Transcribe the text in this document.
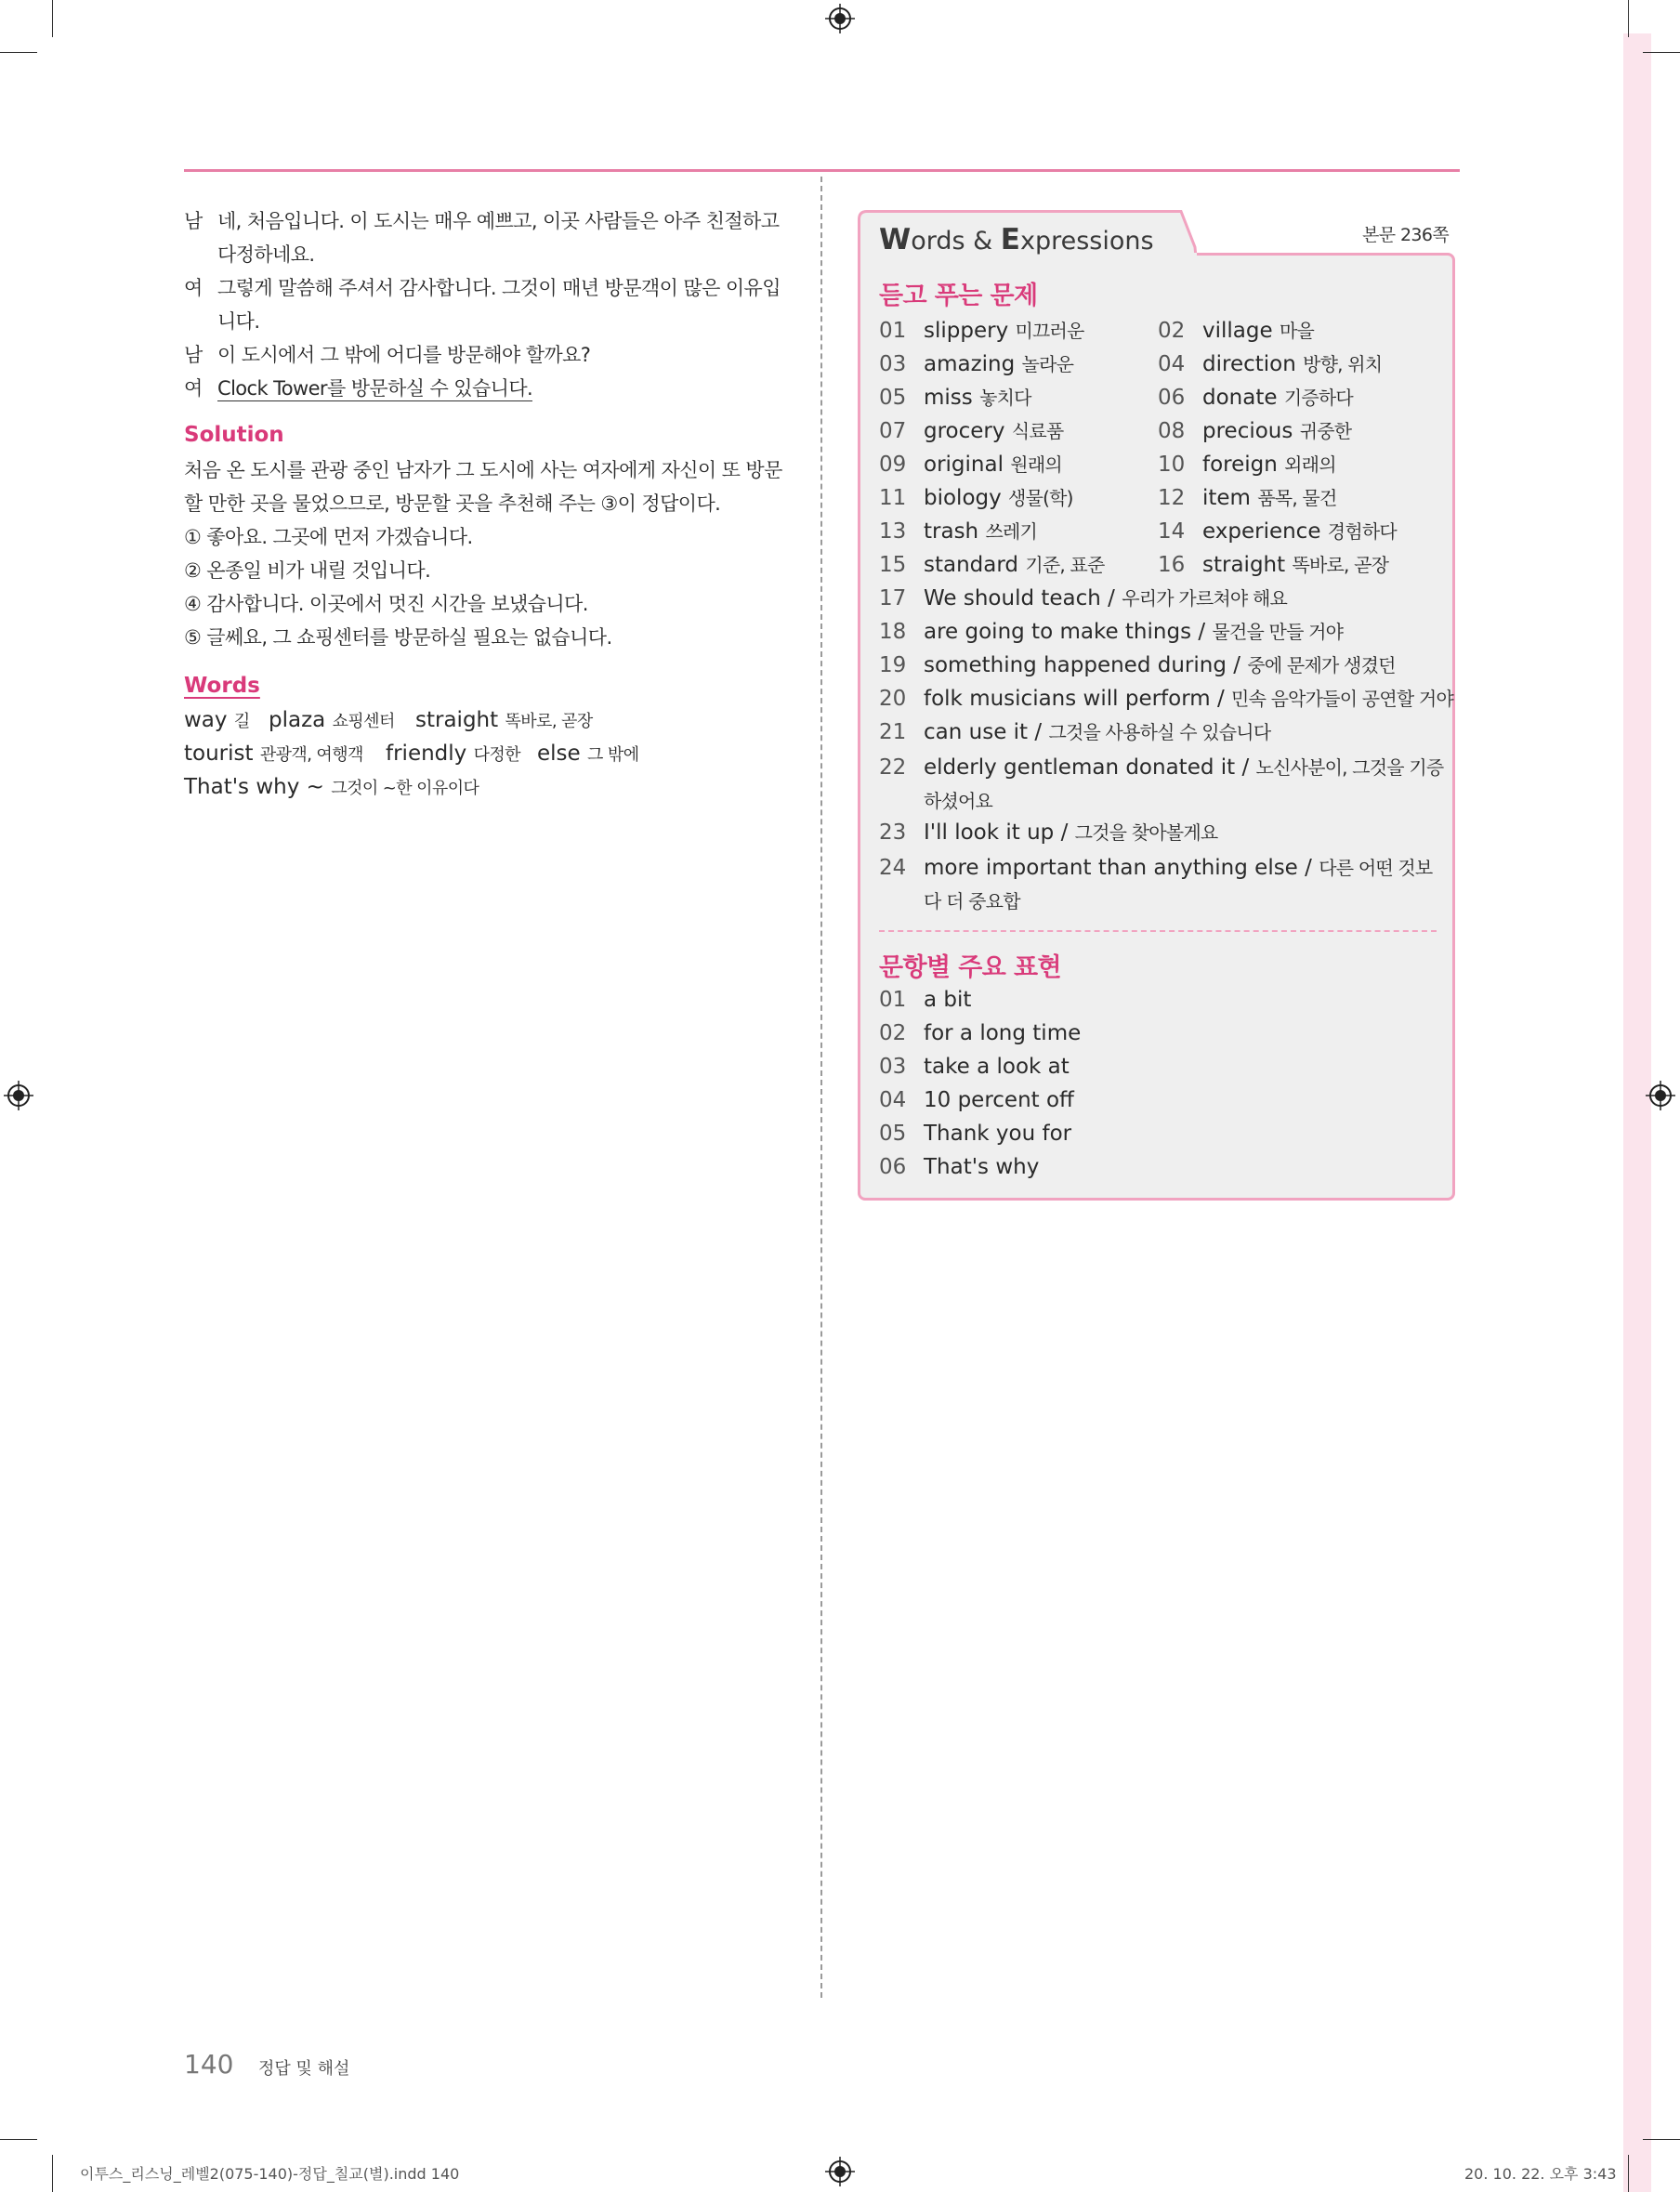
남 네, 처음입니다. 이 도시는 매우 예쁘고, 이곳 사람들은 아주 친절하고 다정하네요.
여 그렇게 말씀해 주셔서 감사합니다. 그것이 매년 방문객이 많은 이유입니다.
남 이 도시에서 그 밖에 어디를 방문해야 할까요?
여 Clock Tower를 방문하실 수 있습니다.
Solution
처음 온 도시를 관광 중인 남자가 그 도시에 사는 여자에게 자신이 또 방문할 만한 곳을 물었으므로, 방문할 곳을 추천해 주는 ③이 정답이다.
① 좋아요. 그곳에 먼저 가겠습니다.
② 온종일 비가 내릴 것입니다.
④ 감사합니다. 이곳에서 멋진 시간을 보냈습니다.
⑤ 글쎄요, 그 쇼핑센터를 방문하실 필요는 없습니다.
Words
way 길 plaza 쇼핑센터 straight 똑바로, 곧장
tourist 관광객, 여행객 friendly 다정한 else 그 밖에
That's why ~ 그것이 ~한 이유이다
Words & Expressions	본문 236쪽
듣고 푸는 문제
01 slippery 미끄러운	02 village 마을
03 amazing 놀라운	04 direction 방향, 위치
05 miss 놓치다	06 donate 기증하다
07 grocery 식료품	08 precious 귀중한
09 original 원래의	10 foreign 외래의
11 biology 생물(학)	12 item 품목, 물건
13 trash 쓰레기	14 experience 경험하다
15 standard 기준, 표준 16 straight 똑바로, 곧장
17 We should teach / 우리가 가르쳐야 해요
18 are going to make things / 물건을 만들 거야
19 something happened during / 중에 문제가 생겼던
20 folk musicians will perform / 민속 음악가들이 공연할 거야
21 can use it / 그것을 사용하실 수 있습니다
22 elderly gentleman donated it / 노신사분이, 그것을 기증하셨어요
23 I'll look it up / 그것을 찾아볼게요
24 more important than anything else / 다른 어떤 것보다 더 중요합
문항별 주요 표현
01 a bit
02 for a long time
03 take a look at
04 10 percent off
05 Thank you for
06 That's why
140 정답 및 해설
이투스_리스닝_레벨2(075-140)-정답_칠교(별).indd 140	20. 10. 22. 오후 3:43
